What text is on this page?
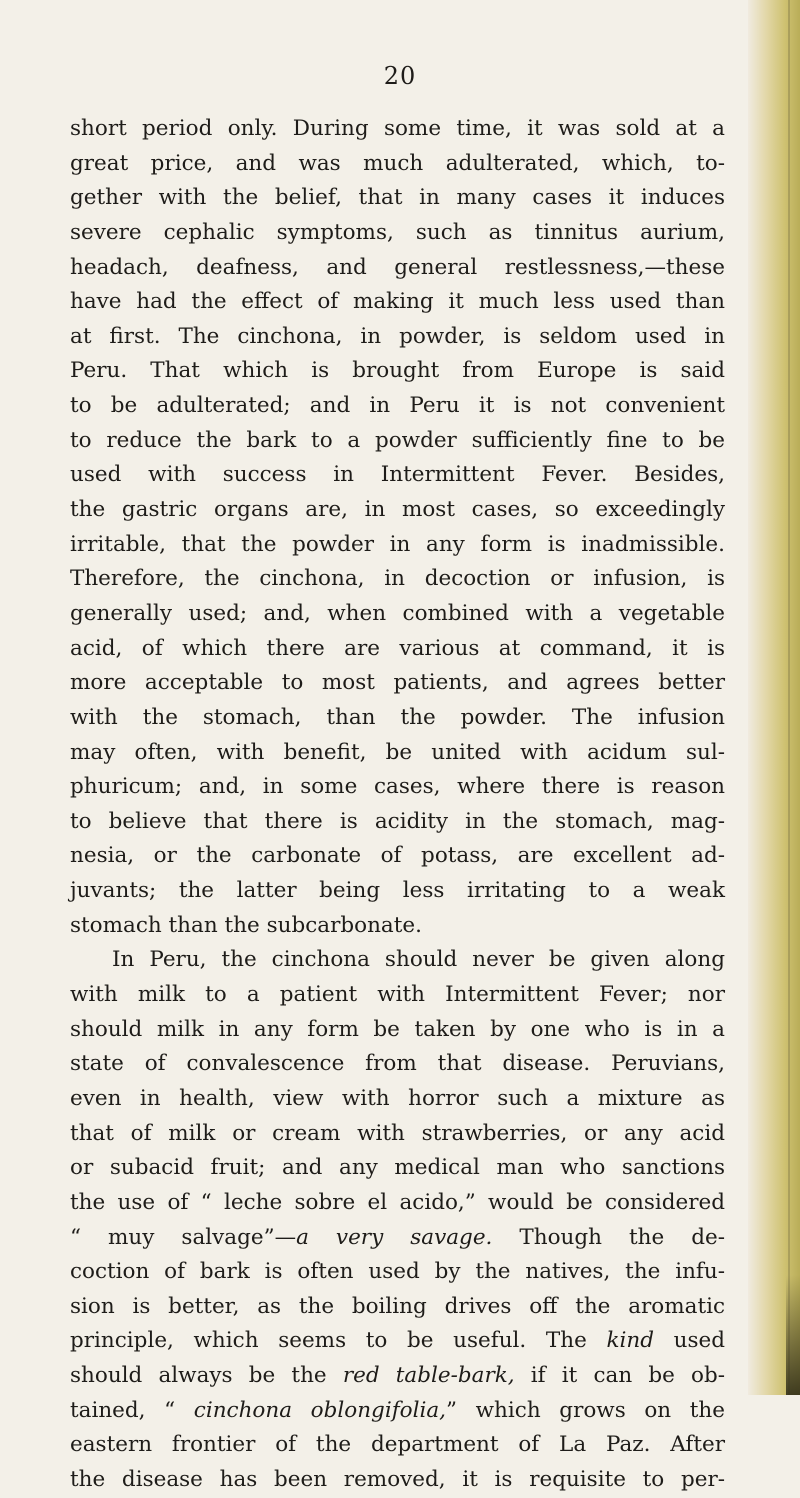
20
short period only. During some time, it was sold at a
great price, and was much adulterated, which, to-
gether with the belief, that in many cases it induces
severe cephalic symptoms, such as tinnitus aurium,
headach, deafness, and general restlessness,—these
have had the effect of making it much less used than
at first. The cinchona, in powder, is seldom used in
Peru. That which is brought from Europe is said
to be adulterated; and in Peru it is not convenient
to reduce the bark to a powder sufficiently fine to be
used with success in Intermittent Fever. Besides,
the gastric organs are, in most cases, so exceedingly
irritable, that the powder in any form is inadmissible.
Therefore, the cinchona, in decoction or infusion, is
generally used; and, when combined with a vegetable
acid, of which there are various at command, it is
more acceptable to most patients, and agrees better
with the stomach, than the powder. The infusion
may often, with benefit, be united with acidum sul-
phuricum; and, in some cases, where there is reason
to believe that there is acidity in the stomach, mag-
nesia, or the carbonate of potass, are excellent ad-
juvants; the latter being less irritating to a weak
stomach than the subcarbonate.
In Peru, the cinchona should never be given along
with milk to a patient with Intermittent Fever; nor
should milk in any form be taken by one who is in a
state of convalescence from that disease. Peruvians,
even in health, view with horror such a mixture as
that of milk or cream with strawberries, or any acid
or subacid fruit; and any medical man who sanctions
the use of “ leche sobre el acido,” would be considered
“ muy salvage”—a very savage. Though the de-
coction of bark is often used by the natives, the infu-
sion is better, as the boiling drives off the aromatic
principle, which seems to be useful. The kind used
should always be the red table-bark, if it can be ob-
tained, “ cinchona oblongifolia,” which grows on the
eastern frontier of the department of La Paz. After
the disease has been removed, it is requisite to per-
